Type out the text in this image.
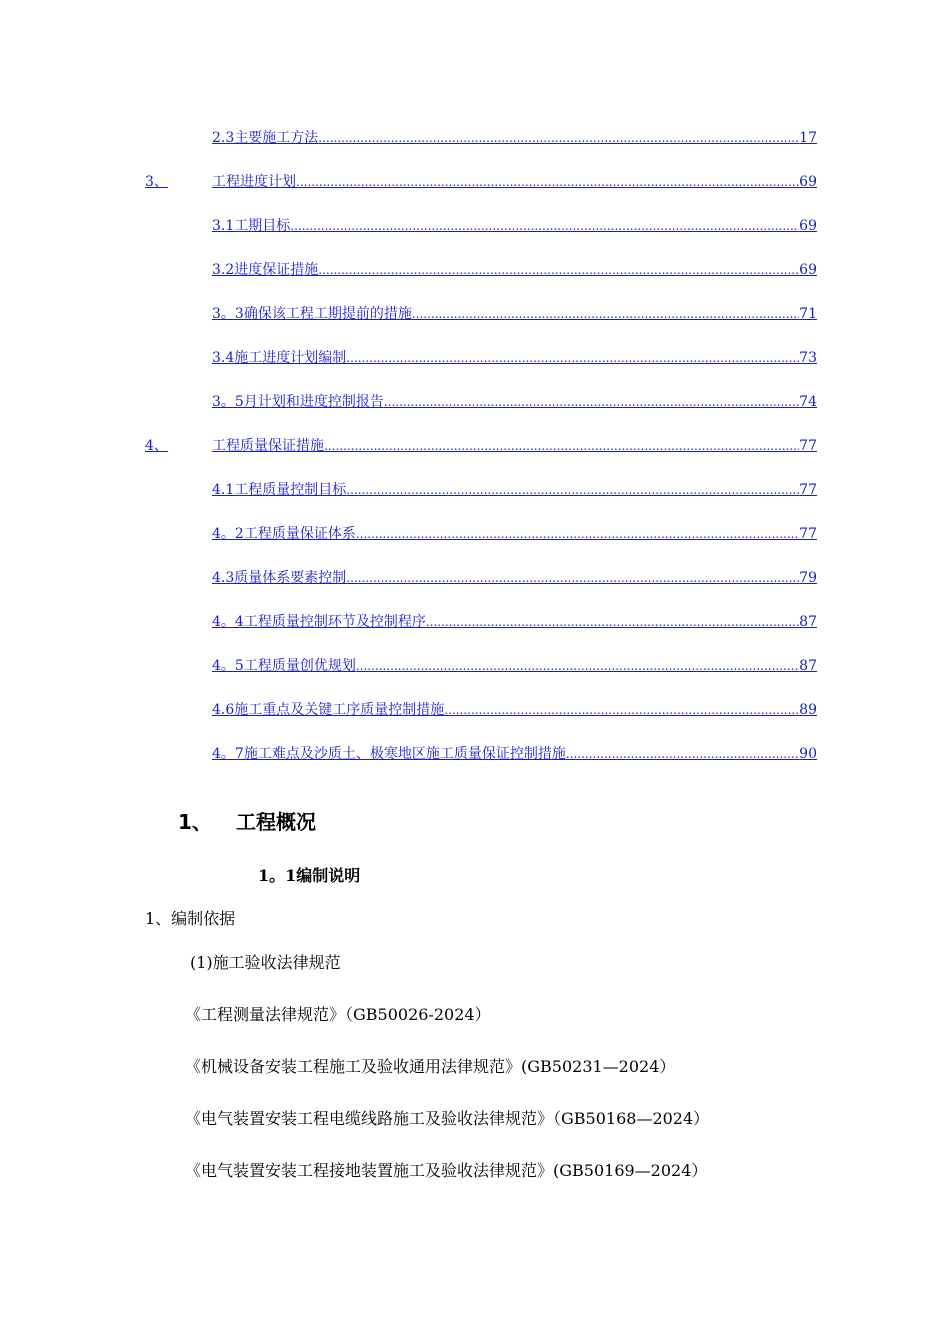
2.3主要施工方法 .....	17
3、	工程进度计划 .....	69
3.1工期目标 .....	69
3.2进度保证措施 .....	69
3。3确保该工程工期提前的措施 .....	71
3.4施工进度计划编制 .....	73
3。5月计划和进度控制报告 .....	74
4、	工程质量保证措施 .....	77
4.1工程质量控制目标 .....	77
4。2工程质量保证体系 .....	77
4.3质量体系要素控制 .....	79
4。4工程质量控制环节及控制程序 .....	87
4。5工程质量创优规划 .....	87
4.6施工重点及关键工序质量控制措施 .....	89
4。7施工难点及沙质土、极寒地区施工质量保证控制措施 .....	90
1、 工程概况
1。1编制说明
1、编制依据
(1)施工验收法律规范
《工程测量法律规范》（GB50026-2024）
《机械设备安装工程施工及验收通用法律规范》(GB50231—2024）
《电气装置安装工程电缆线路施工及验收法律规范》（GB50168—2024）
《电气装置安装工程接地装置施工及验收法律规范》(GB50169—2024）
